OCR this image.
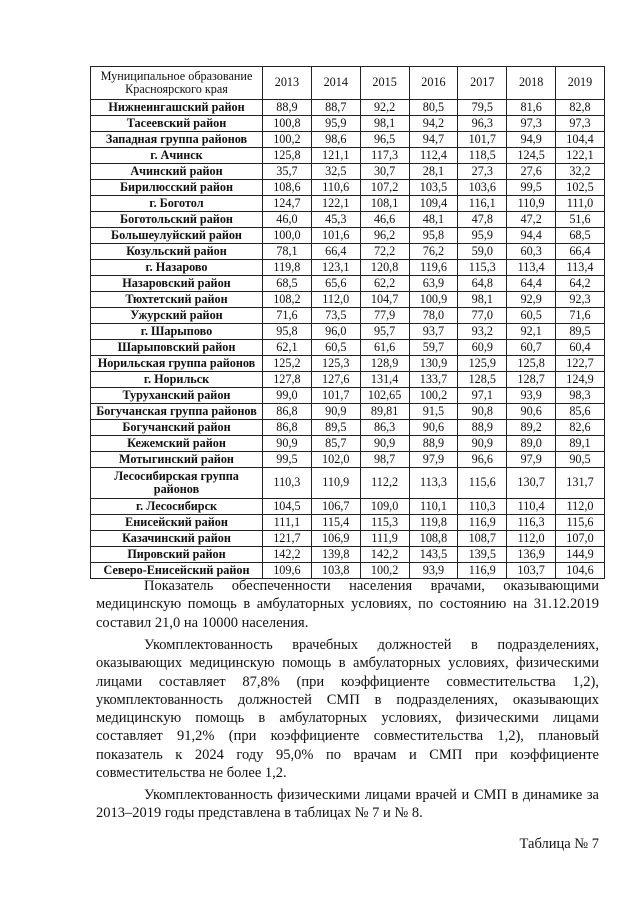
Муниципальное образование Красноярского края	2013	2014	2015	2016	2017	2018	2019
Нижнеингашский район	88,9	88,7	92,2	80,5	79,5	81,6	82,8
Тасеевский район	100,8	95,9	98,1	94,2	96,3	97,3	97,3
Западная группа районов	100,2	98,6	96,5	94,7	101,7	94,9	104,4
г. Ачинск	125,8	121,1	117,3	112,4	118,5	124,5	122,1
Ачинский район	35,7	32,5	30,7	28,1	27,3	27,6	32,2
Бирилюсский район	108,6	110,6	107,2	103,5	103,6	99,5	102,5
г. Боготол	124,7	122,1	108,1	109,4	116,1	110,9	111,0
Боготольский район	46,0	45,3	46,6	48,1	47,8	47,2	51,6
Большеулуйский район	100,0	101,6	96,2	95,8	95,9	94,4	68,5
Козульский район	78,1	66,4	72,2	76,2	59,0	60,3	66,4
г. Назарово	119,8	123,1	120,8	119,6	115,3	113,4	113,4
Назаровский район	68,5	65,6	62,2	63,9	64,8	64,4	64,2
Тюхтетский район	108,2	112,0	104,7	100,9	98,1	92,9	92,3
Ужурский район	71,6	73,5	77,9	78,0	77,0	60,5	71,6
г. Шарыпово	95,8	96,0	95,7	93,7	93,2	92,1	89,5
Шарыповский район	62,1	60,5	61,6	59,7	60,9	60,7	60,4
Норильская группа районов	125,2	125,3	128,9	130,9	125,9	125,8	122,7
г. Норильск	127,8	127,6	131,4	133,7	128,5	128,7	124,9
Туруханский район	99,0	101,7	102,65	100,2	97,1	93,9	98,3
Богучанская группа районов	86,8	90,9	89,81	91,5	90,8	90,6	85,6
Богучанский район	86,8	89,5	86,3	90,6	88,9	89,2	82,6
Кежемский район	90,9	85,7	90,9	88,9	90,9	89,0	89,1
Мотыгинский район	99,5	102,0	98,7	97,9	96,6	97,9	90,5
Лесосибирская группа районов	110,3	110,9	112,2	113,3	115,6	130,7	131,7
г. Лесосибирск	104,5	106,7	109,0	110,1	110,3	110,4	112,0
Енисейский район	111,1	115,4	115,3	119,8	116,9	116,3	115,6
Казачинский район	121,7	106,9	111,9	108,8	108,7	112,0	107,0
Пировский район	142,2	139,8	142,2	143,5	139,5	136,9	144,9
Северо-Енисейский район	109,6	103,8	100,2	93,9	116,9	103,7	104,6

Показатель обеспеченности населения врачами, оказывающими медицинскую помощь в амбулаторных условиях, по состоянию на 31.12.2019 составил 21,0 на 10000 населения.

Укомплектованность врачебных должностей в подразделениях, оказывающих медицинскую помощь в амбулаторных условиях, физическими лицами составляет 87,8% (при коэффициенте совместительства 1,2), укомплектованность должностей СМП в подразделениях, оказывающих медицинскую помощь в амбулаторных условиях, физическими лицами составляет 91,2% (при коэффициенте совместительства 1,2), плановый показатель к 2024 году 95,0% по врачам и СМП при коэффициенте совместительства не более 1,2.

Укомплектованность физическими лицами врачей и СМП в динамике за 2013–2019 годы представлена в таблицах № 7 и № 8.

Таблица № 7
